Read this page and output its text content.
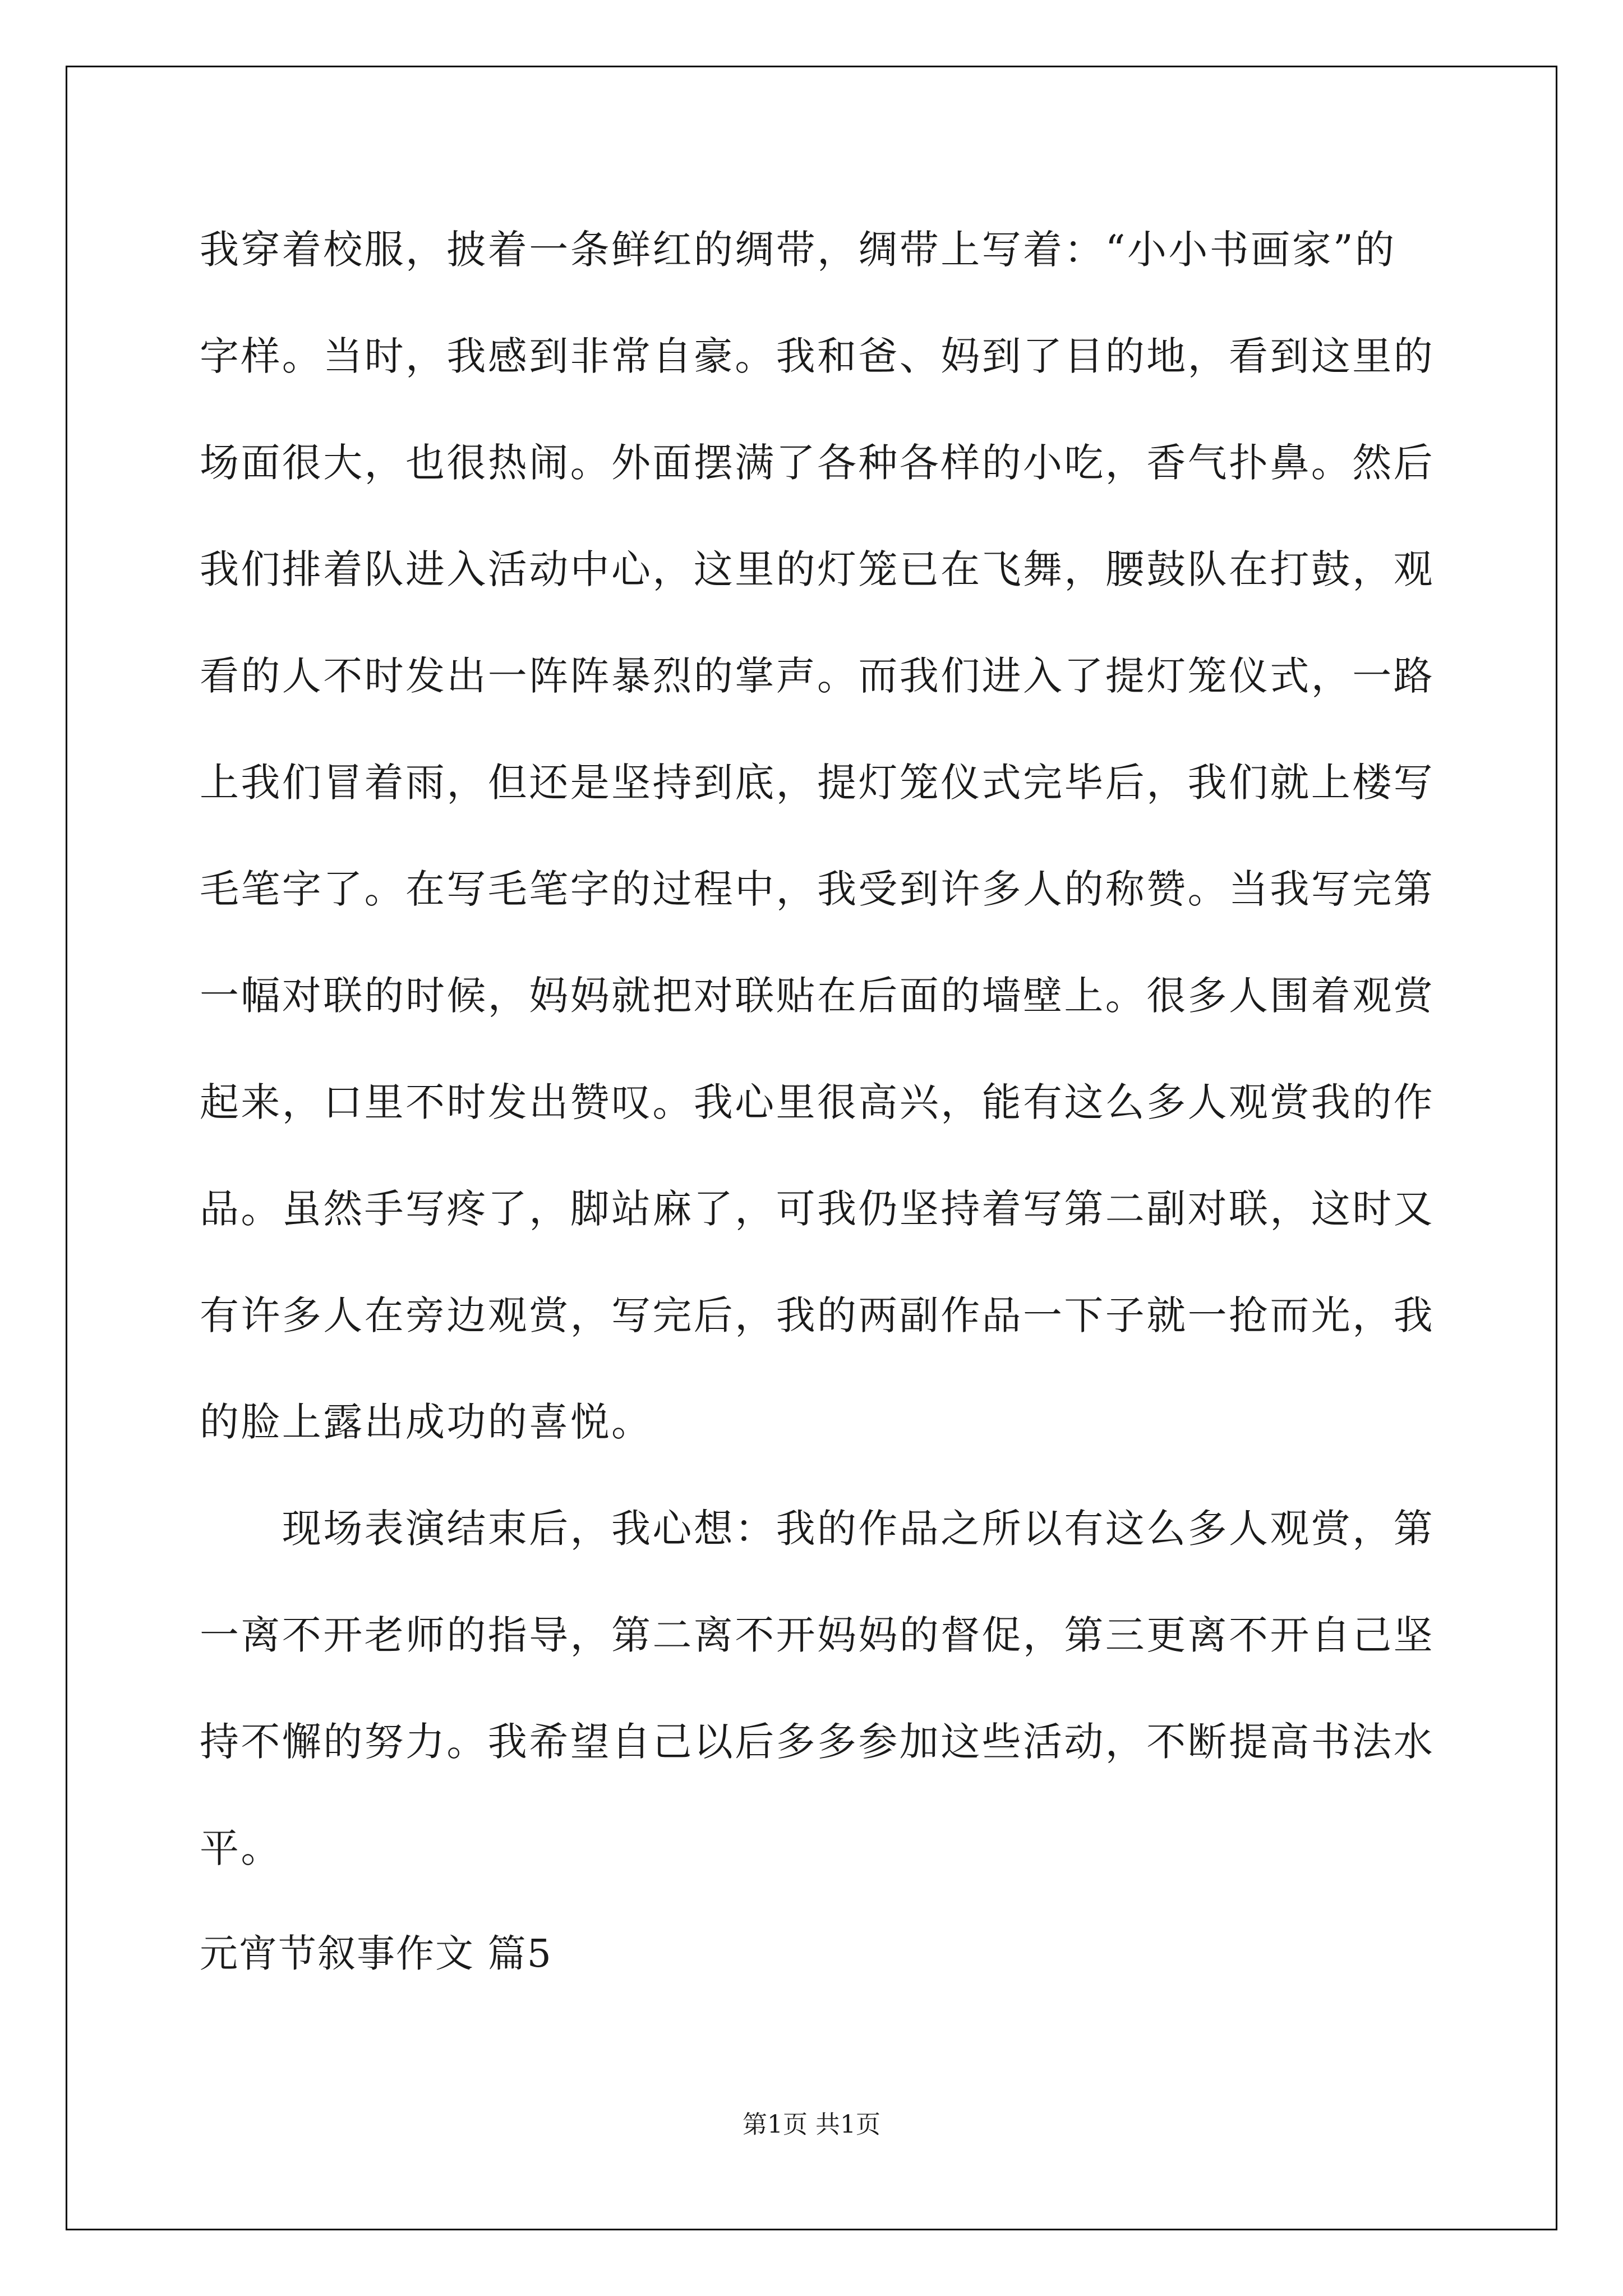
我穿着校服，披着一条鲜红的绸带，绸带上写着：“小小书画家”的
字样。当时，我感到非常自豪。我和爸、妈到了目的地，看到这里的
场面很大，也很热闹。外面摆满了各种各样的小吃，香气扑鼻。然后
我们排着队进入活动中心，这里的灯笼已在飞舞，腰鼓队在打鼓，观
看的人不时发出一阵阵暴烈的掌声。而我们进入了提灯笼仪式，一路
上我们冒着雨，但还是坚持到底，提灯笼仪式完毕后，我们就上楼写
毛笔字了。在写毛笔字的过程中，我受到许多人的称赞。当我写完第
一幅对联的时候，妈妈就把对联贴在后面的墙壁上。很多人围着观赏
起来，口里不时发出赞叹。我心里很高兴，能有这么多人观赏我的作
品。虽然手写疼了，脚站麻了，可我仍坚持着写第二副对联，这时又
有许多人在旁边观赏，写完后，我的两副作品一下子就一抢而光，我
的脸上露出成功的喜悦。
　　现场表演结束后，我心想：我的作品之所以有这么多人观赏，第
一离不开老师的指导，第二离不开妈妈的督促，第三更离不开自己坚
持不懈的努力。我希望自己以后多多参加这些活动，不断提高书法水
平。
元宵节叙事作文 篇5
第1页 共1页
